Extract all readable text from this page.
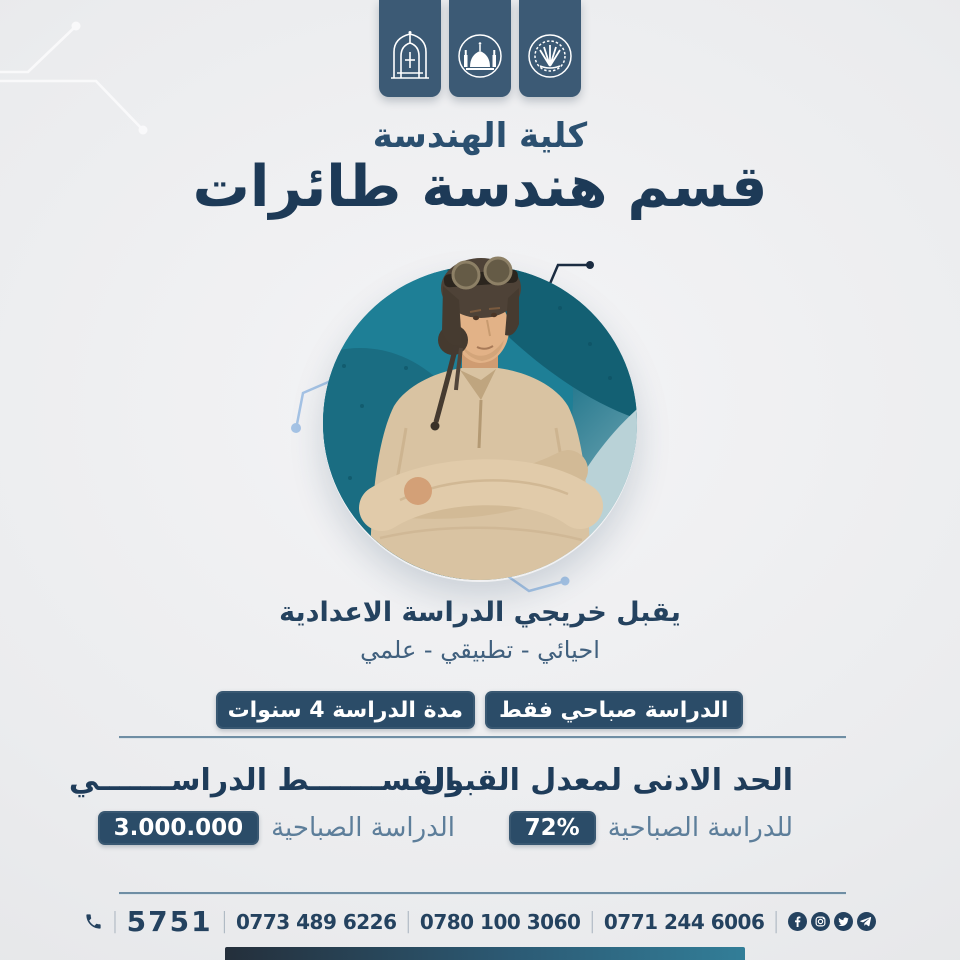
كلية الهندسة
قسم هندسة طائرات
يقبل خريجي الدراسة الاعدادية
احيائي - تطبيقي - علمي
الدراسة صباحي فقط
مدة الدراسة 4 سنوات
الحد الادنى لمعدل القبول
للدراسة الصباحية
72%
القســـــــط الدراســـــــي
الدراسة الصباحية
3.000.000
| 5751 | 0773 489 6226 | 0780 100 3060 | 0771 244 6006 |
